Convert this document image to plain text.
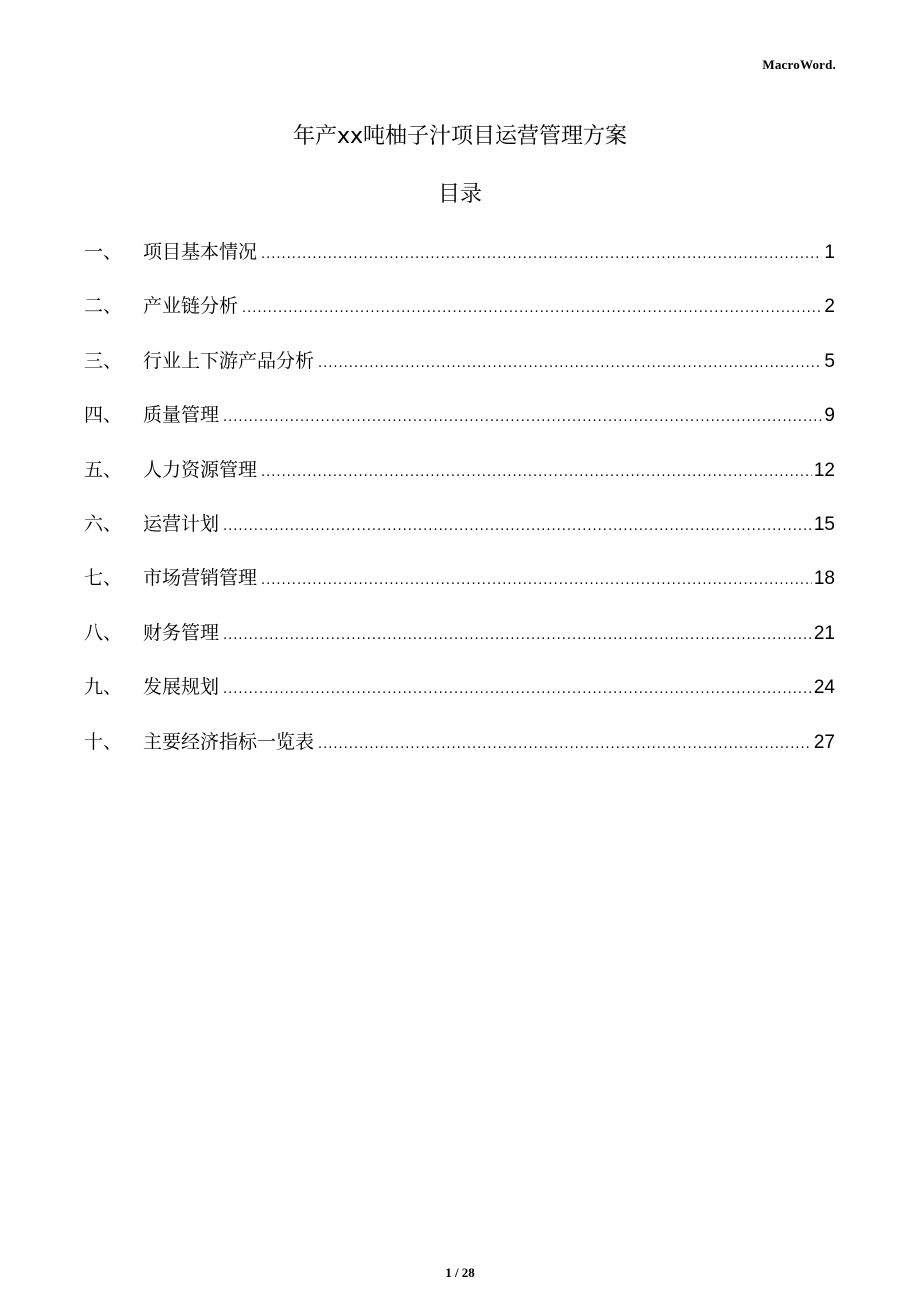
MacroWord.
年产xx吨柚子汁项目运营管理方案
目录
一、	项目基本情况 .....	1
二、	产业链分析 .....	2
三、	行业上下游产品分析 .....	5
四、	质量管理 .....	9
五、	人力资源管理 .....	12
六、	运营计划 .....	15
七、	市场营销管理 .....	18
八、	财务管理 .....	21
九、	发展规划 .....	24
十、	主要经济指标一览表 .....	27
1 / 28
